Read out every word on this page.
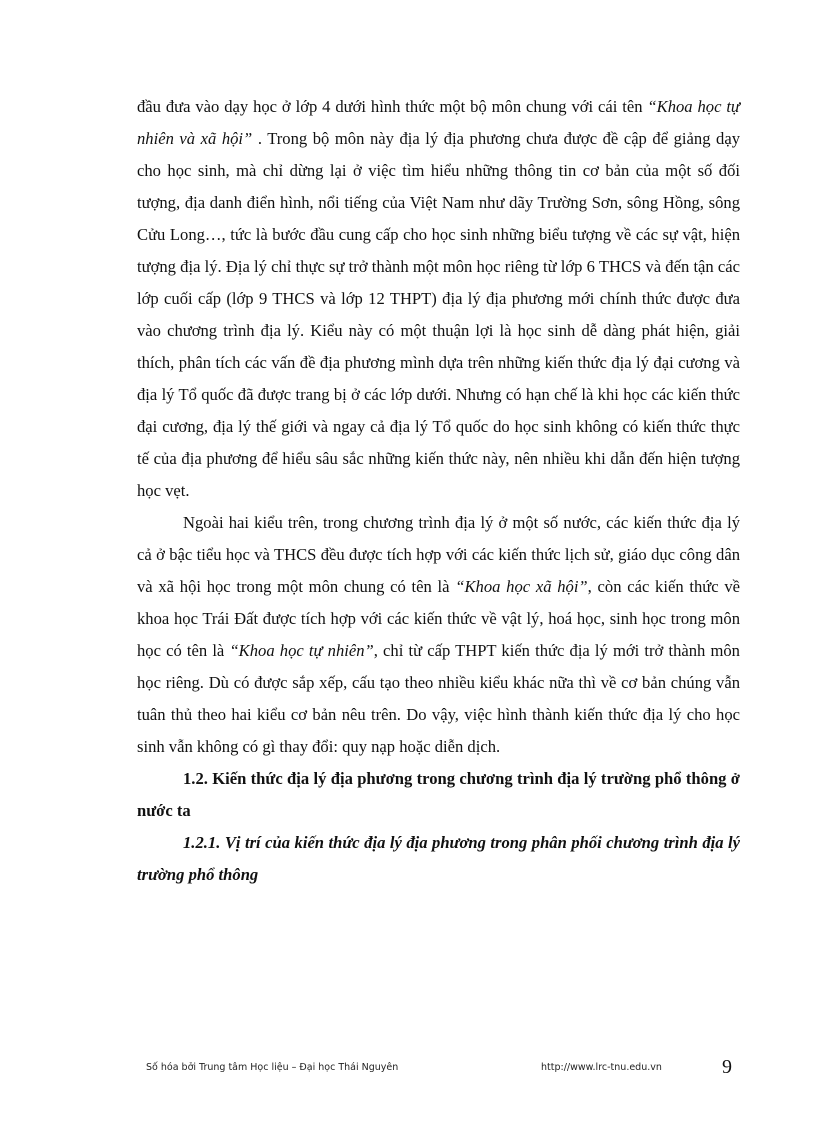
đầu đưa vào dạy học ở lớp 4 dưới hình thức một bộ môn chung với cái tên “Khoa học tự nhiên và xã hội” . Trong bộ môn này địa lý địa phương chưa được đề cập để giảng dạy cho học sinh, mà chỉ dừng lại ở việc tìm hiểu những thông tin cơ bản của một số đối tượng, địa danh điển hình, nổi tiếng của Việt Nam như dãy Trường Sơn, sông Hồng, sông Cửu Long…, tức là bước đầu cung cấp cho học sinh những biểu tượng về các sự vật, hiện tượng địa lý. Địa lý chỉ thực sự trở thành một môn học riêng từ lớp 6 THCS và đến tận các lớp cuối cấp (lớp 9 THCS và lớp 12 THPT) địa lý địa phương mới chính thức được đưa vào chương trình địa lý. Kiểu này có một thuận lợi là học sinh dễ dàng phát hiện, giải thích, phân tích các vấn đề địa phương mình dựa trên những kiến thức địa lý đại cương và địa lý Tổ quốc đã được trang bị ở các lớp dưới. Nhưng có hạn chế là khi học các kiến thức đại cương, địa lý thế giới và ngay cả địa lý Tổ quốc do học sinh không có kiến thức thực tế của địa phương để hiểu sâu sắc những kiến thức này, nên nhiều khi dẫn đến hiện tượng học vẹt.

Ngoài hai kiểu trên, trong chương trình địa lý ở một số nước, các kiến thức địa lý cả ở bậc tiểu học và THCS đều được tích hợp với các kiến thức lịch sử, giáo dục công dân và xã hội học trong một môn chung có tên là “Khoa học xã hội”, còn các kiến thức về khoa học Trái Đất được tích hợp với các kiến thức về vật lý, hoá học, sinh học trong môn học có tên là “Khoa học tự nhiên”, chỉ từ cấp THPT kiến thức địa lý mới trở thành môn học riêng. Dù có được sắp xếp, cấu tạo theo nhiều kiểu khác nữa thì về cơ bản chúng vẫn tuân thủ theo hai kiểu cơ bản nêu trên. Do vậy, việc hình thành kiến thức địa lý cho học sinh vẫn không có gì thay đổi: quy nạp hoặc diễn dịch.

1.2. Kiến thức địa lý địa phương trong chương trình địa lý trường phổ thông ở nước ta

1.2.1. Vị trí của kiến thức địa lý địa phương trong phân phối chương trình địa lý trường phổ thông

Số hóa bởi Trung tâm Học liệu – Đại học Thái Nguyên	http://www.lrc-tnu.edu.vn	9
